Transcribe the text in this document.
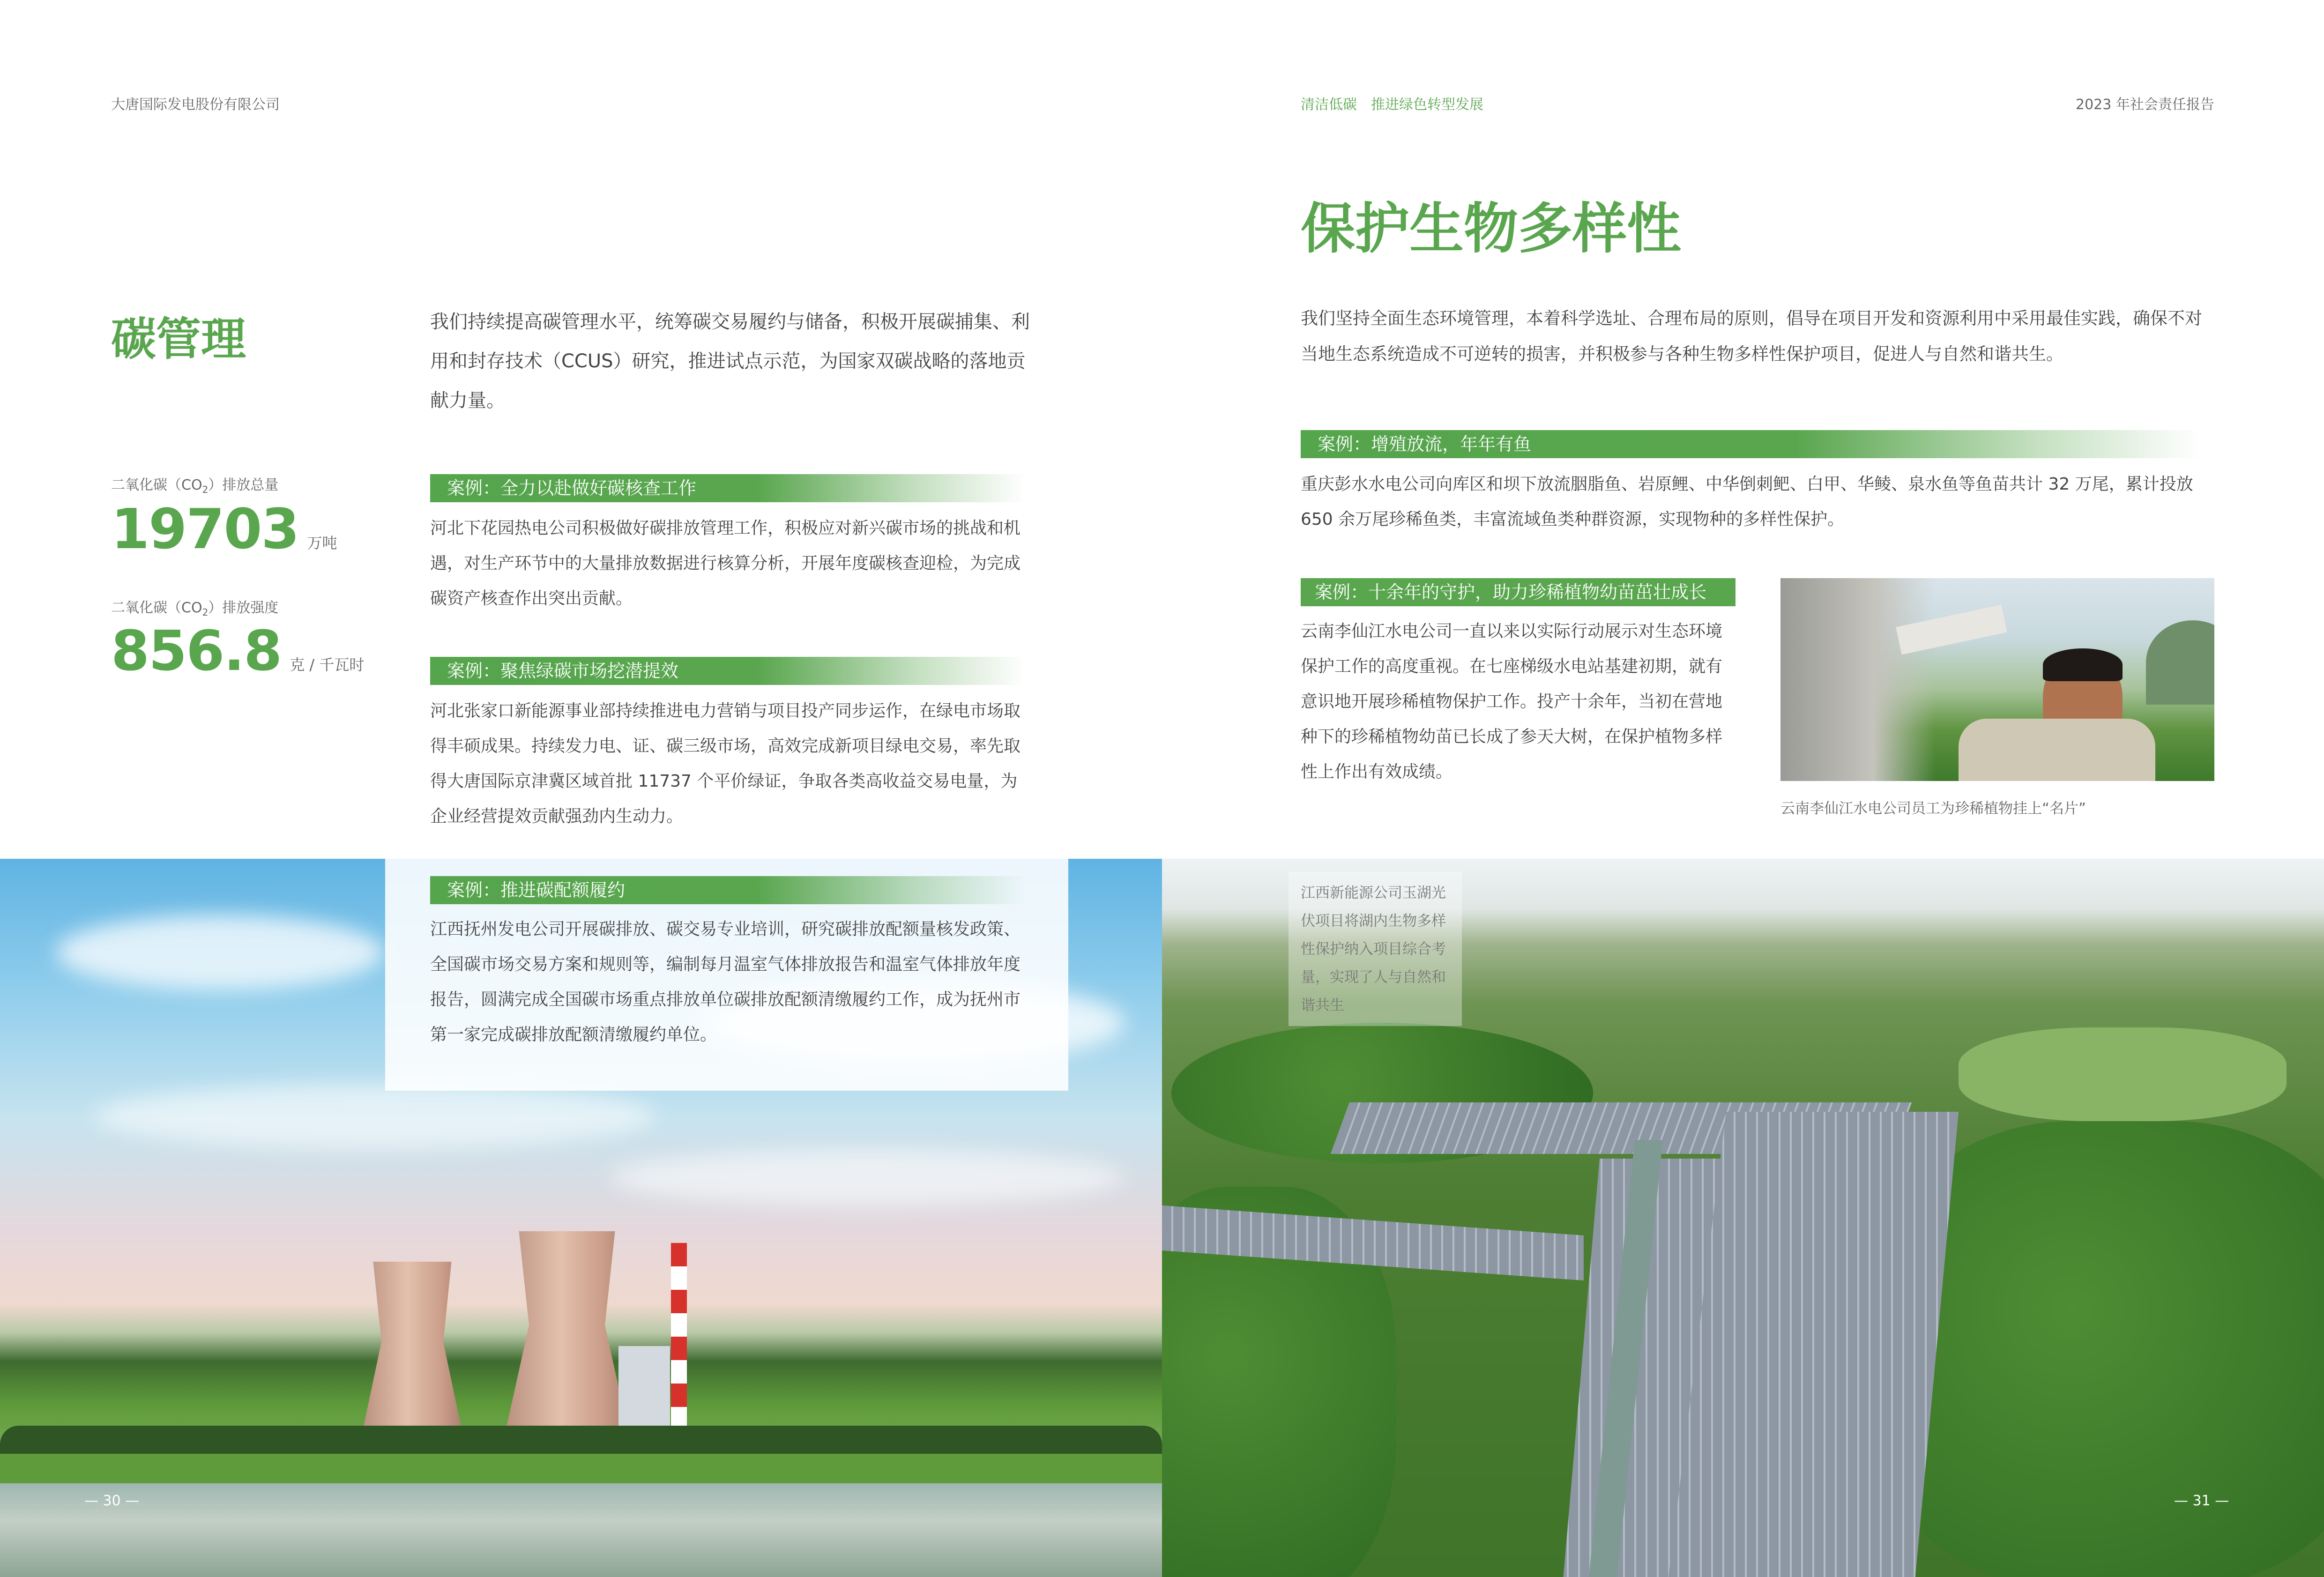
大唐国际发电股份有限公司	清洁低碳　推进绿色转型发展	2023 年社会责任报告
碳管理	我们持续提高碳管理水平，统筹碳交易履约与储备，积极开展碳捕集、利用和封存技术（CCUS）研究，推进试点示范，为国家双碳战略的落地贡献力量。
二氧化碳$(CO_2)$排放总量
19703 万吨
二氧化碳$(CO_2)$排放强度
856.8 克 / 千瓦时
案例：全力以赴做好碳核查工作
河北下花园热电公司积极做好碳排放管理工作，积极应对新兴碳市场的挑战和机遇，对生产环节中的大量排放数据进行核算分析，开展年度碳核查迎检，为完成碳资产核查作出突出贡献。
案例：聚焦绿碳市场挖潜提效
河北张家口新能源事业部持续推进电力营销与项目投产同步运作，在绿电市场取得丰硕成果。持续发力电、证、碳三级市场，高效完成新项目绿电交易，率先取得大唐国际京津冀区域首批 11737 个平价绿证，争取各类高收益交易电量，为企业经营提效贡献强劲内生动力。
案例：推进碳配额履约
江西抚州发电公司开展碳排放、碳交易专业培训，研究碳排放配额量核发政策、全国碳市场交易方案和规则等，编制每月温室气体排放报告和温室气体排放年度报告，圆满完成全国碳市场重点排放单位碳排放配额清缴履约工作，成为抚州市第一家完成碳排放配额清缴履约单位。
— 30 —
保护生物多样性
我们坚持全面生态环境管理，本着科学选址、合理布局的原则，倡导在项目开发和资源利用中采用最佳实践，确保不对当地生态系统造成不可逆转的损害，并积极参与各种生物多样性保护项目，促进人与自然和谐共生。
案例：增殖放流，年年有鱼
重庆彭水水电公司向库区和坝下放流胭脂鱼、岩原鲤、中华倒刺鲃、白甲、华鲮、泉水鱼等鱼苗共计 32 万尾，累计投放 650 余万尾珍稀鱼类，丰富流域鱼类种群资源，实现物种的多样性保护。
案例：十余年的守护，助力珍稀植物幼苗茁壮成长
云南李仙江水电公司一直以来以实际行动展示对生态环境保护工作的高度重视。在七座梯级水电站基建初期，就有意识地开展珍稀植物保护工作。投产十余年，当初在营地种下的珍稀植物幼苗已长成了参天大树，在保护植物多样性上作出有效成绩。
云南李仙江水电公司员工为珍稀植物挂上“名片”
江西新能源公司玉湖光伏项目将湖内生物多样性保护纳入项目综合考量，实现了人与自然和谐共生
— 31 —
